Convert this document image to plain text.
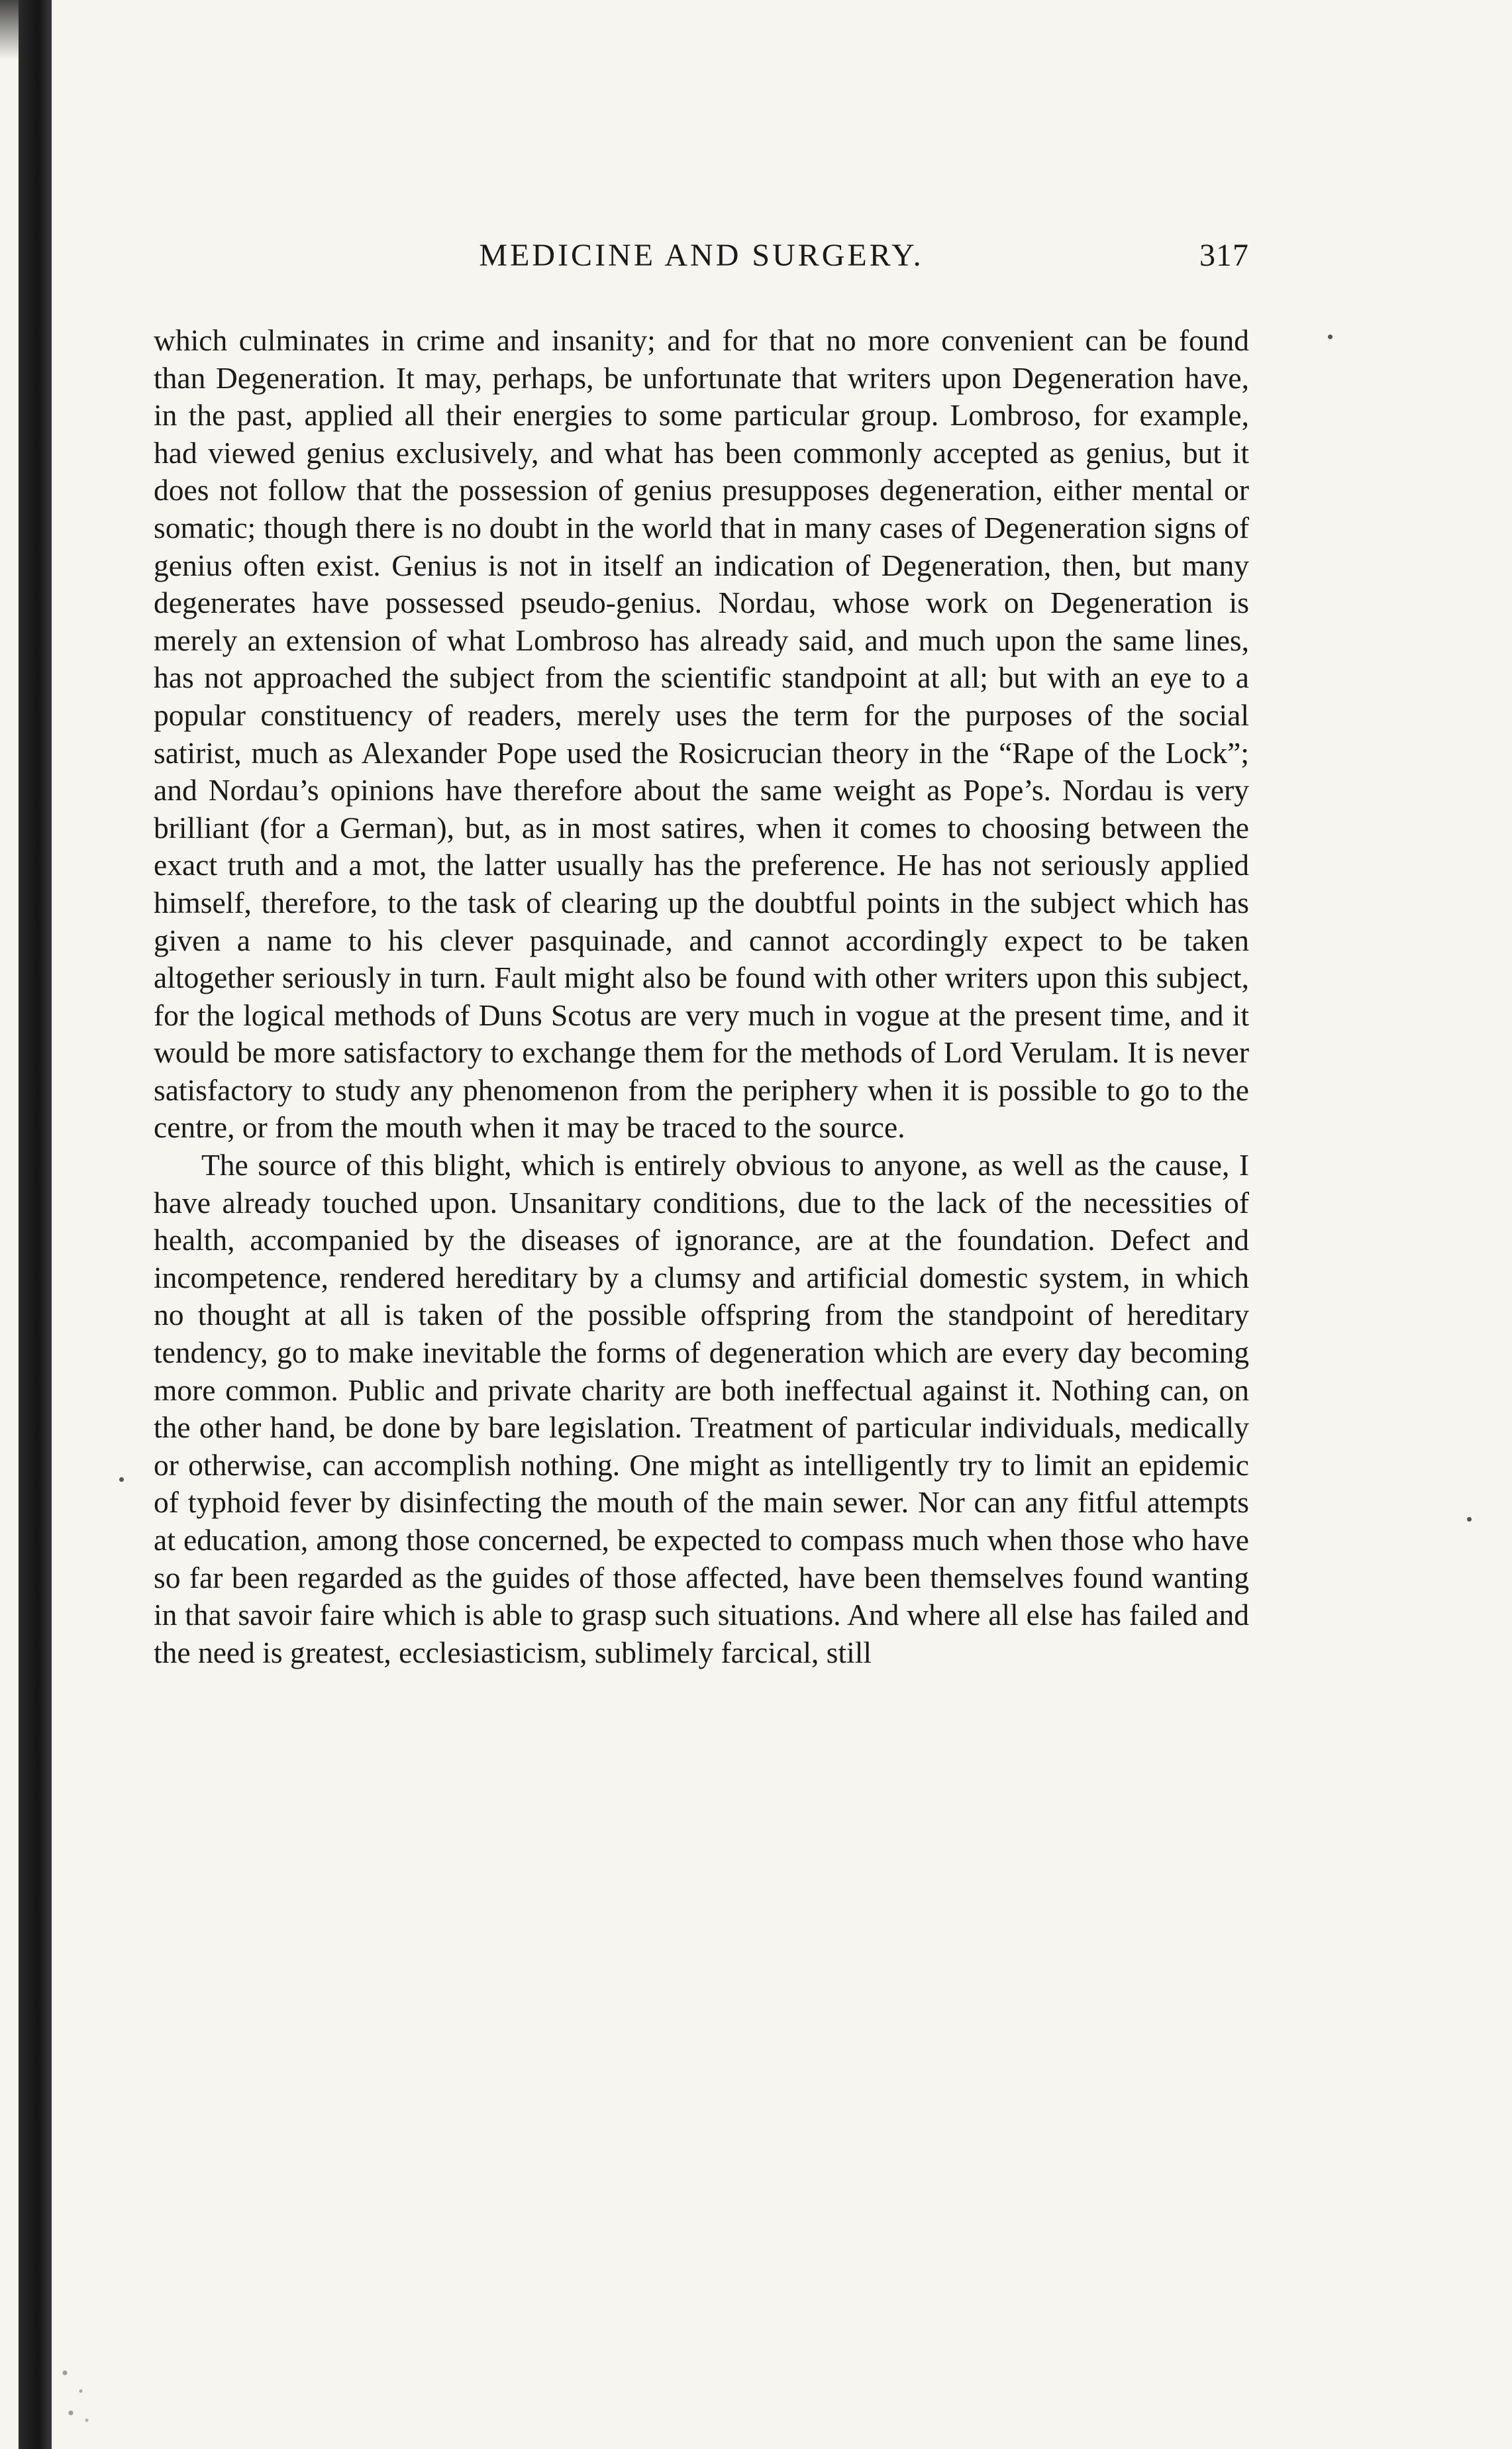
MEDICINE AND SURGERY.	317

which culminates in crime and insanity; and for that no more convenient can be found than Degeneration. It may, perhaps, be unfortunate that writers upon Degeneration have, in the past, applied all their energies to some particular group. Lombroso, for example, had viewed genius exclusively, and what has been commonly accepted as genius, but it does not follow that the possession of genius presupposes degeneration, either mental or somatic; though there is no doubt in the world that in many cases of Degeneration signs of genius often exist. Genius is not in itself an indication of Degeneration, then, but many degenerates have possessed pseudo-genius. Nordau, whose work on Degeneration is merely an extension of what Lombroso has already said, and much upon the same lines, has not approached the subject from the scientific standpoint at all; but with an eye to a popular constituency of readers, merely uses the term for the purposes of the social satirist, much as Alexander Pope used the Rosicrucian theory in the “Rape of the Lock”; and Nordau’s opinions have therefore about the same weight as Pope’s. Nordau is very brilliant (for a German), but, as in most satires, when it comes to choosing between the exact truth and a mot, the latter usually has the preference. He has not seriously applied himself, therefore, to the task of clearing up the doubtful points in the subject which has given a name to his clever pasquinade, and cannot accordingly expect to be taken altogether seriously in turn. Fault might also be found with other writers upon this subject, for the logical methods of Duns Scotus are very much in vogue at the present time, and it would be more satisfactory to exchange them for the methods of Lord Verulam. It is never satisfactory to study any phenomenon from the periphery when it is possible to go to the centre, or from the mouth when it may be traced to the source.

The source of this blight, which is entirely obvious to anyone, as well as the cause, I have already touched upon. Unsanitary conditions, due to the lack of the necessities of health, accompanied by the diseases of ignorance, are at the foundation. Defect and incompetence, rendered hereditary by a clumsy and artificial domestic system, in which no thought at all is taken of the possible offspring from the standpoint of hereditary tendency, go to make inevitable the forms of degeneration which are every day becoming more common. Public and private charity are both ineffectual against it. Nothing can, on the other hand, be done by bare legislation. Treatment of particular individuals, medically or otherwise, can accomplish nothing. One might as intelligently try to limit an epidemic of typhoid fever by disinfecting the mouth of the main sewer. Nor can any fitful attempts at education, among those concerned, be expected to compass much when those who have so far been regarded as the guides of those affected, have been themselves found wanting in that savoir faire which is able to grasp such situations. And where all else has failed and the need is greatest, ecclesiasticism, sublimely farcical, still
